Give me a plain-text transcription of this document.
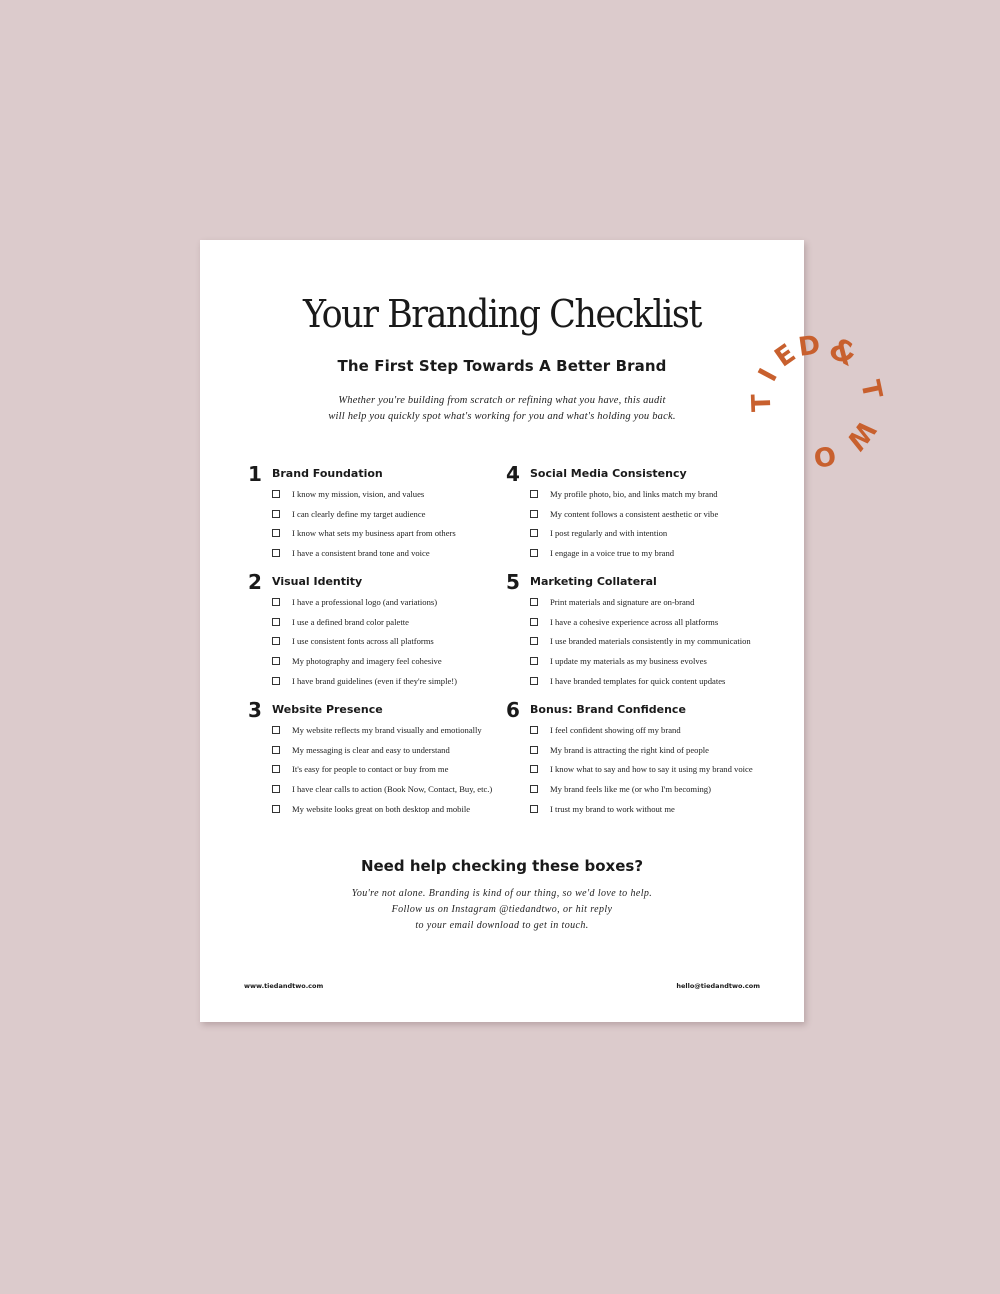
Your Branding Checklist
The First Step Towards A Better Brand
Whether you're building from scratch or refining what you have, this audit
will help you quickly spot what's working for you and what's holding you back.
1 Brand Foundation
I know my mission, vision, and values
I can clearly define my target audience
I know what sets my business apart from others
I have a consistent brand tone and voice
2 Visual Identity
I have a professional logo (and variations)
I use a defined brand color palette
I use consistent fonts across all platforms
My photography and imagery feel cohesive
I have brand guidelines (even if they're simple!)
3 Website Presence
My website reflects my brand visually and emotionally
My messaging is clear and easy to understand
It's easy for people to contact or buy from me
I have clear calls to action (Book Now, Contact, Buy, etc.)
My website looks great on both desktop and mobile
4 Social Media Consistency
My profile photo, bio, and links match my brand
My content follows a consistent aesthetic or vibe
I post regularly and with intention
I engage in a voice true to my brand
5 Marketing Collateral
Print materials and signature are on-brand
I have a cohesive experience across all platforms
I use branded materials consistently in my communication
I update my materials as my business evolves
I have branded templates for quick content updates
6 Bonus: Brand Confidence
I feel confident showing off my brand
My brand is attracting the right kind of people
I know what to say and how to say it using my brand voice
My brand feels like me (or who I'm becoming)
I trust my brand to work without me
Need help checking these boxes?
You're not alone. Branding is kind of our thing, so we'd love to help.
Follow us on Instagram @tiedandtwo, or hit reply
to your email download to get in touch.
www.tiedandtwo.com	hello@tiedandtwo.com
T
I
E
D &
T
W
O
